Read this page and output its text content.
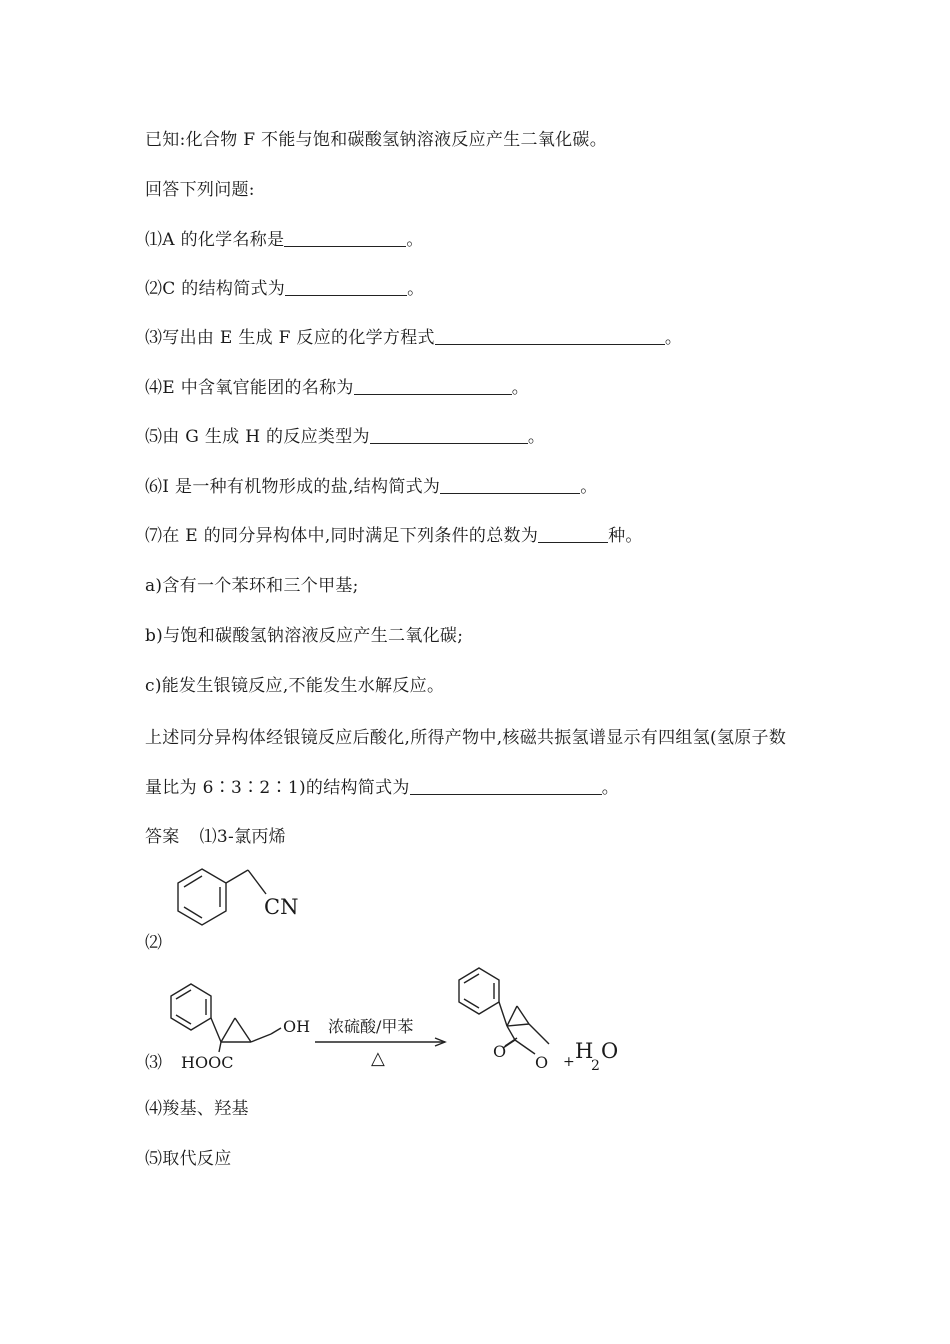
已知:化合物 F 不能与饱和碳酸氢钠溶液反应产生二氧化碳。
回答下列问题:
⑴A 的化学名称是	。
⑵C 的结构简式为	。
⑶写出由 E 生成 F 反应的化学方程式	。
⑷E 中含氧官能团的名称为	。
⑸由 G 生成 H 的反应类型为	。
⑹I 是一种有机物形成的盐,结构简式为	。
⑺在 E 的同分异构体中,同时满足下列条件的总数为	种。
a)含有一个苯环和三个甲基;
b)与饱和碳酸氢钠溶液反应产生二氧化碳;
c)能发生银镜反应,不能发生水解反应。
上述同分异构体经银镜反应后酸化,所得产物中,核磁共振氢谱显示有四组氢(氢原子数
量比为 6∶3∶2∶1)的结构简式为	。
答案 ⑴3-氯丙烯
⑵
CN
⑶
OH
HOOC
浓硫酸/甲苯
△	O
O + H
2
O
⑷羧基、羟基
⑸取代反应
